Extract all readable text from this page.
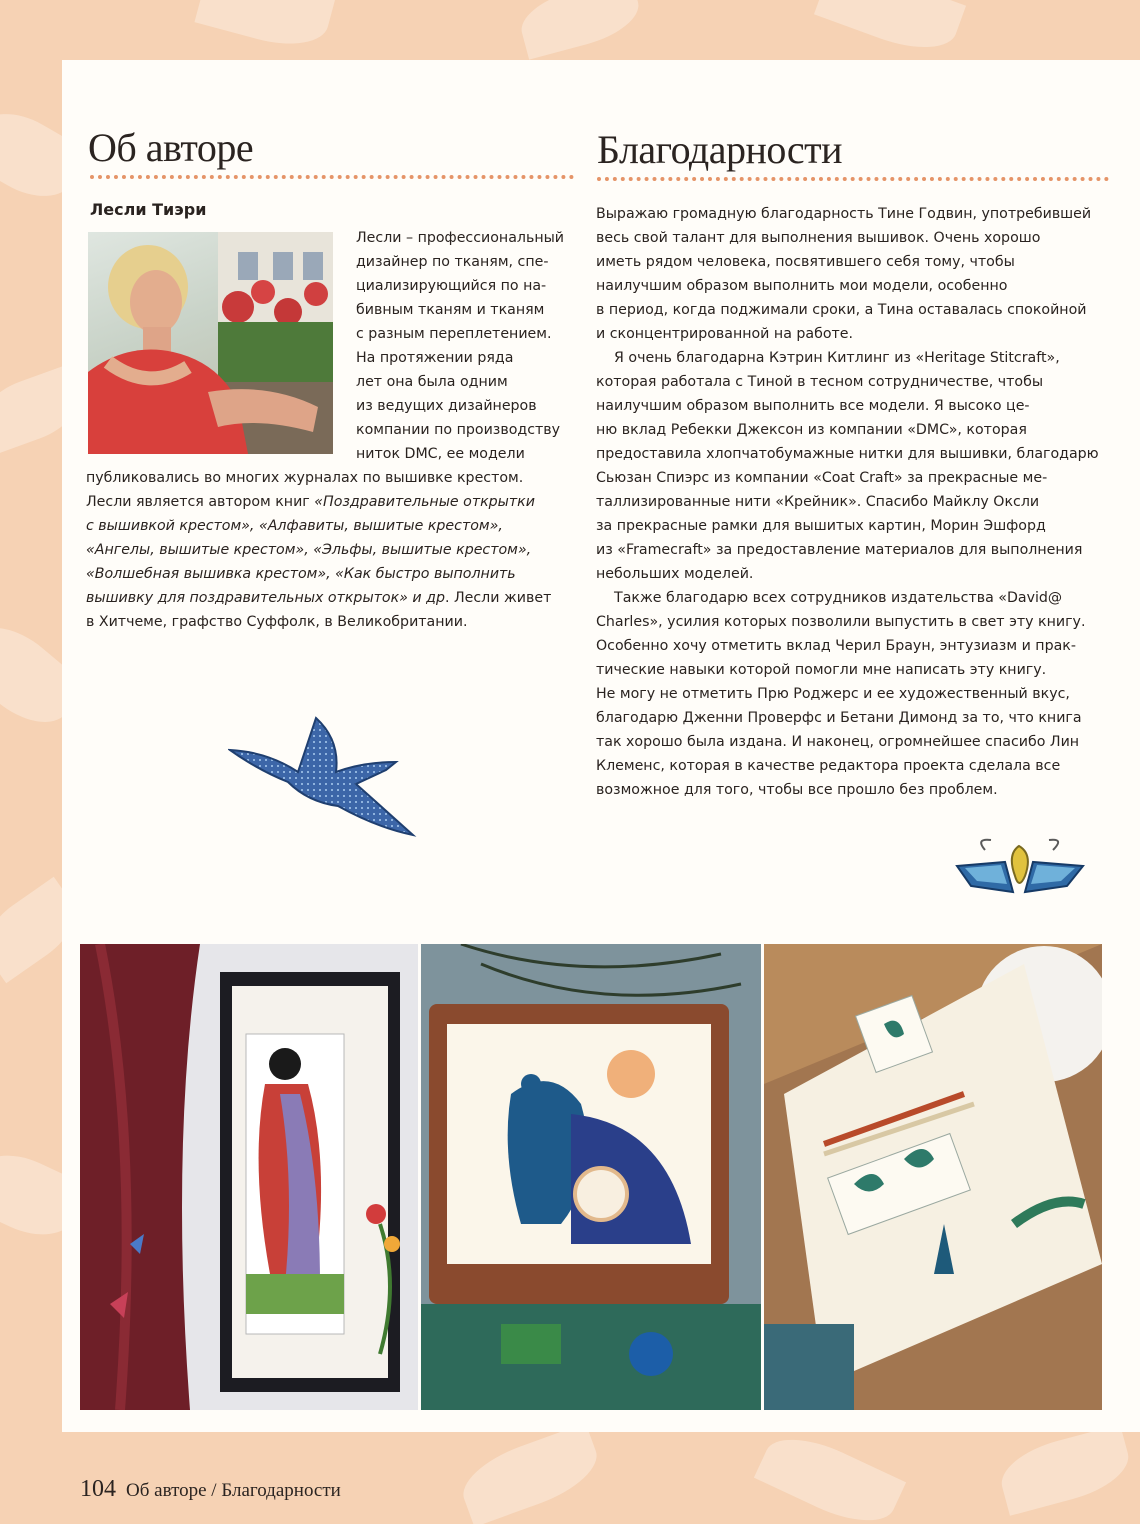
Об авторе
Лесли Тиэри

Лесли – профессиональный

дизайнер по тканям, спе-

циализирующийся по на-

бивным тканям и тканям

с разным переплетением.

На протяжении ряда

лет она была одним

из ведущих дизайнеров

компании по производству

ниток DMC, ее модели

публиковались во многих журналах по вышивке крестом.

Лесли является автором книг «Поздравительные открытки

с вышивкой крестом», «Алфавиты, вышитые крестом»,

«Ангелы, вышитые крестом», «Эльфы, вышитые крестом»,

«Волшебная вышивка крестом», «Как быстро выполнить

вышивку для поздравительных открыток» и др. Лесли живет

в Хитчеме, графство Суффолк, в Великобритании.

Благодарности

Выражаю громадную благодарность Тине Годвин, употребившей

весь свой талант для выполнения вышивок. Очень хорошо

иметь рядом человека, посвятившего себя тому, чтобы

наилучшим образом выполнить мои модели, особенно

в период, когда поджимали сроки, а Тина оставалась спокойной

и сконцентрированной на работе.

Я очень благодарна Кэтрин Китлинг из «Heritage Stitcraft»,

которая работала с Тиной в тесном сотрудничестве, чтобы

наилучшим образом выполнить все модели. Я высоко це-

ню вклад Ребекки Джексон из компании «DMC», которая

предоставила хлопчатобумажные нитки для вышивки, благодарю

Сьюзан Спиэрс из компании «Coat Craft» за прекрасные ме-

таллизированные нити «Крейник». Спасибо Майклу Оксли

за прекрасные рамки для вышитых картин, Морин Эшфорд

из «Framecraft» за предоставление материалов для выполнения

небольших моделей.

Также благодарю всех сотрудников издательства «David@

Charles», усилия которых позволили выпустить в свет эту книгу.

Особенно хочу отметить вклад Черил Браун, энтузиазм и прак-

тические навыки которой помогли мне написать эту книгу.

Не могу не отметить Прю Роджерс и ее художественный вкус,

благодарю Дженни Проверфс и Бетани Димонд за то, что книга

так хорошо была издана. И наконец, огромнейшее спасибо Лин

Клеменс, которая в качестве редактора проекта сделала все

возможное для того, чтобы все прошло без проблем.

104 Об авторе / Благодарности
